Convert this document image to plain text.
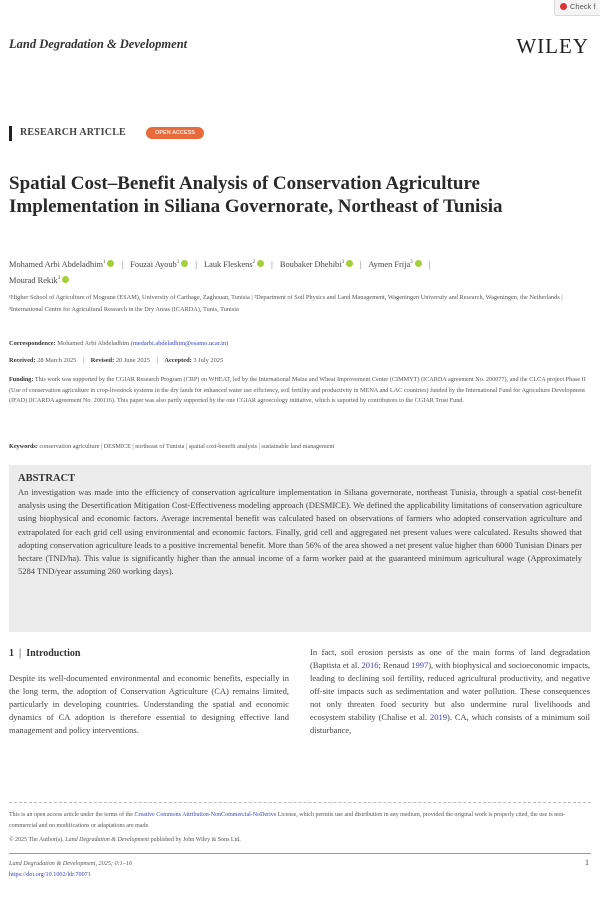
Check f
Land Degradation & Development	WILEY
RESEARCH ARTICLE	OPEN ACCESS
Spatial Cost–Benefit Analysis of Conservation Agriculture Implementation in Siliana Governorate, Northeast of Tunisia
Mohamed Arbi Abdeladhim$^1$ | Fouzai Ayoub$^1$ | Lauk Fleskens$^2$ | Boubaker Dhehibi$^3$ | Aymen Frija$^3$ |
Mourad Rekik$^3$
¹Higher School of Agriculture of Mograne (ESAM), University of Carthage, Zaghouan, Tunisia | ²Department of Soil Physics and Land Management, Wageningen University and Research, Wageningen, the Netherlands | ³International Centre for Agricultural Research in the Dry Areas (ICARDA), Tunis, Tunisia
Correspondence: Mohamed Arbi Abdeladhim (medarbi.abdeladhim@esamo.ucar.tn)
Received: 28 March 2025 | Revised: 20 June 2025 | Accepted: 3 July 2025
Funding: This work was supported by the CGIAR Research Program (CRP) on WHEAT, led by the International Maize and Wheat Improvement Center (CIMMYT) (ICARDA agreement No. 200077), and the CLCA project Phase II (Use of conservation agriculture in crop-livestock systems in the dry lands for enhanced water use efficiency, soil fertility and productivity in MENA and LAC countries) funded by the International Fund for Agriculture Development (IFAD) (ICARDA agreement No. 200116). This paper was also partly supported by the one CGIAR agroecology initiative, which is suported by contributors to the CGIAR Trust Fund.
Keywords: conservation agriculture | DESMICE | northeast of Tunisia | spatial cost-benefit analysis | sustainable land management
ABSTRACT

An investigation was made into the efficiency of conservation agriculture implementation in Siliana governorate, northeast Tunisia, through a spatial cost-benefit analysis using the Desertification Mitigation Cost-Effectiveness modeling approach (DESMICE). We defined the applicability limitations of conservation agriculture using biophysical and economic factors. Average incremental benefit was calculated based on observations of farmers who adopted conservation agriculture and extrapolated for each grid cell using environmental and economic factors. Finally, grid cell and aggregated net present values were calculated. Results showed that adopting conservation agriculture leads to a positive incremental benefit. More than 56% of the area showed a net present value higher than 6000 Tunisian Dinars per hectare (TND/ha). This value is significantly higher than the annual income of a farm worker paid at the guaranteed minimum agricultural wage (Approximately 5284 TND/year assuming 260 working days).

1 | Introduction

Despite its well-documented environmental and economic benefits, especially in the long term, the adoption of Conservation Agriculture (CA) remains limited, particularly in developing countries. Understanding the spatial and economic dynamics of CA adoption is therefore essential to designing effective land management and policy interventions.

In fact, soil erosion persists as one of the main forms of land degradation (Baptista et al. 2016; Renaud 1997), with biophysical and socioeconomic impacts, leading to declining soil fertility, reduced agricultural productivity, and negative off-site impacts such as sedimentation and water pollution. These consequences not only threaten food security but also undermine rural livelihoods and ecosystem stability (Chalise et al. 2019). CA, which consists of a minimum soil disturbance,

This is an open access article under the terms of the Creative Commons Attribution-NonCommercial-NoDerivs License, which permits use and distribution in any medium, provided the original work is properly cited, the use is non-commercial and no modifications or adaptations are made.
© 2025 The Author(s). Land Degradation & Development published by John Wiley & Sons Ltd.
Land Degradation & Development, 2025; 0:1–16
https://doi.org/10.1002/ldr.70071
1
